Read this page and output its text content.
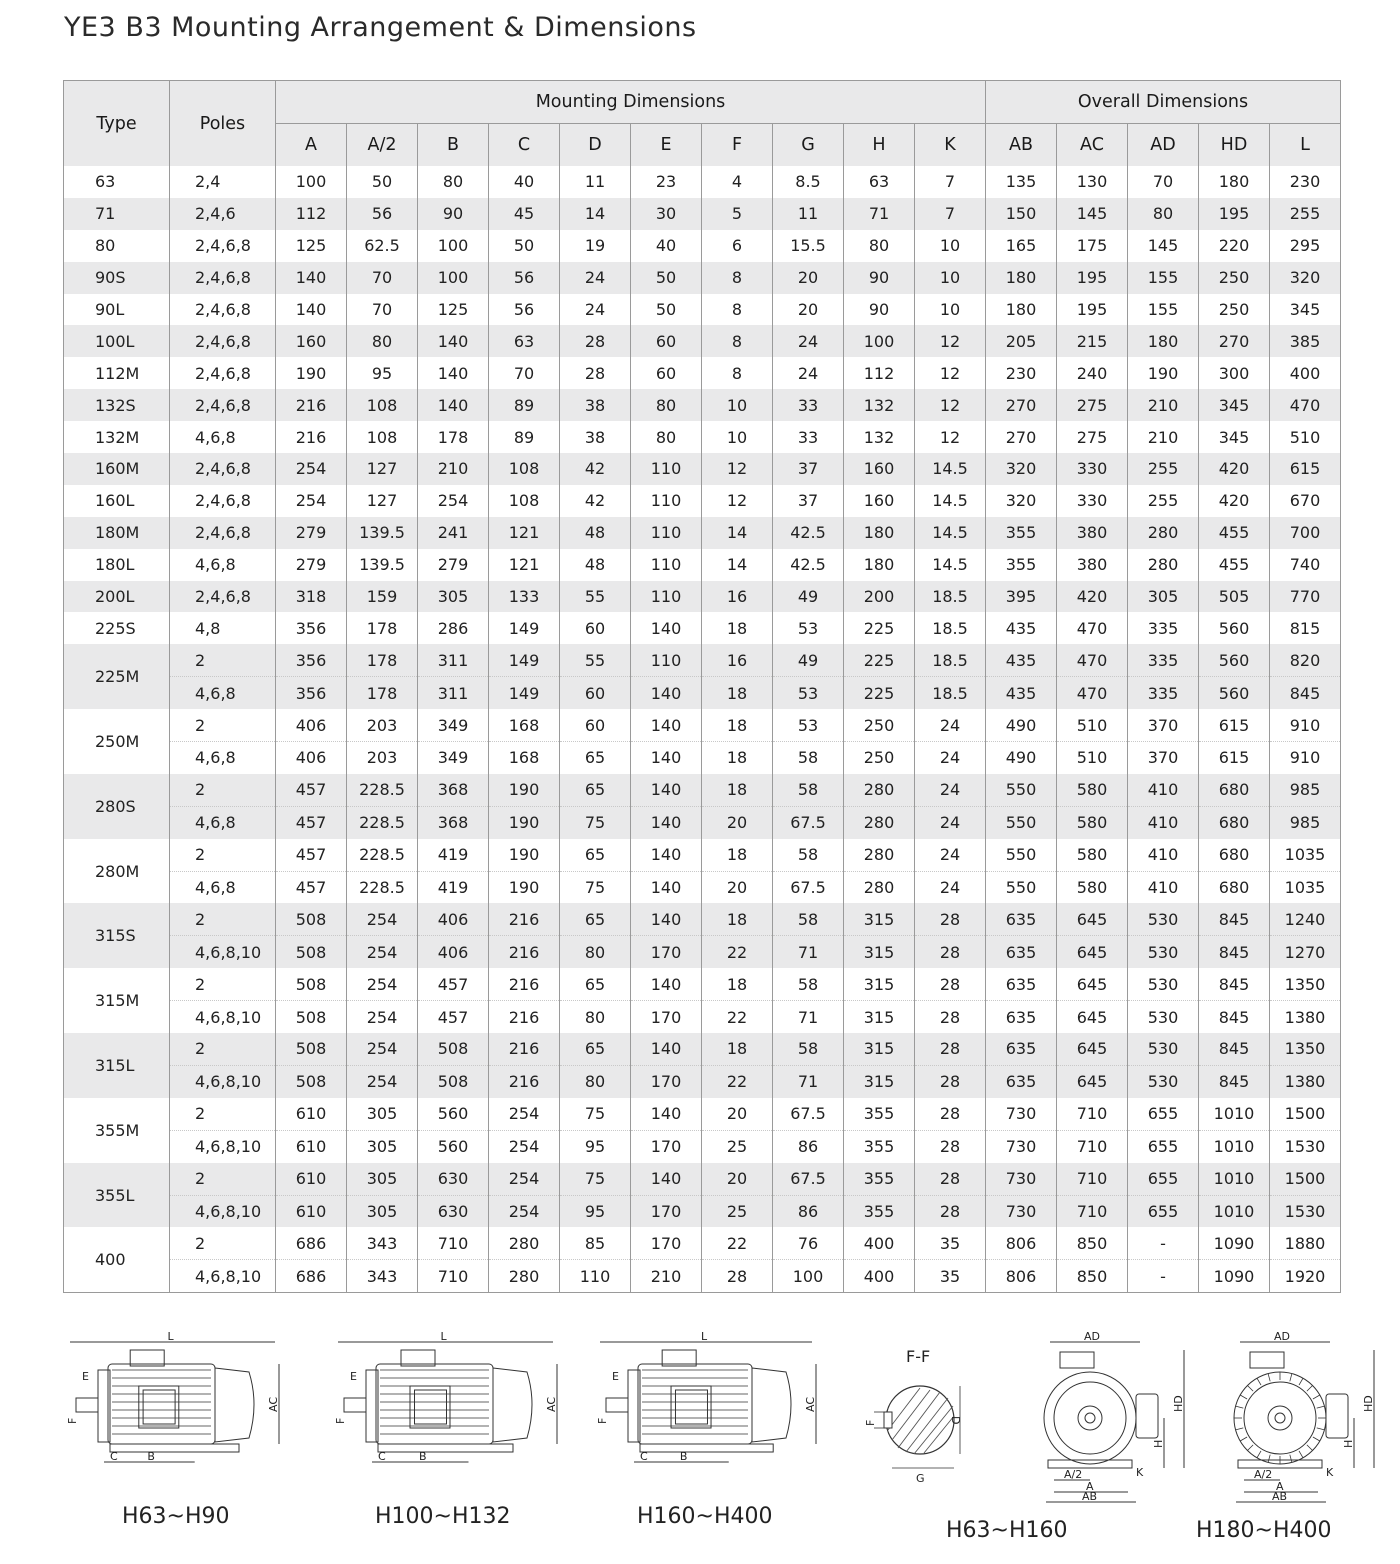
YE3 B3 Mounting Arrangement & Dimensions
Type	Poles	Mounting Dimensions										Overall Dimensions				
		A	A/2	B	C	D	E	F	G	H	K	AB	AC	AD	HD	L
63	2,4	100	50	80	40	11	23	4	8.5	63	7	135	130	70	180	230
71	2,4,6	112	56	90	45	14	30	5	11	71	7	150	145	80	195	255
80	2,4,6,8	125	62.5	100	50	19	40	6	15.5	80	10	165	175	145	220	295
90S	2,4,6,8	140	70	100	56	24	50	8	20	90	10	180	195	155	250	320
90L	2,4,6,8	140	70	125	56	24	50	8	20	90	10	180	195	155	250	345
100L	2,4,6,8	160	80	140	63	28	60	8	24	100	12	205	215	180	270	385
112M	2,4,6,8	190	95	140	70	28	60	8	24	112	12	230	240	190	300	400
132S	2,4,6,8	216	108	140	89	38	80	10	33	132	12	270	275	210	345	470
132M	4,6,8	216	108	178	89	38	80	10	33	132	12	270	275	210	345	510
160M	2,4,6,8	254	127	210	108	42	110	12	37	160	14.5	320	330	255	420	615
160L	2,4,6,8	254	127	254	108	42	110	12	37	160	14.5	320	330	255	420	670
180M	2,4,6,8	279	139.5	241	121	48	110	14	42.5	180	14.5	355	380	280	455	700
180L	4,6,8	279	139.5	279	121	48	110	14	42.5	180	14.5	355	380	280	455	740
200L	2,4,6,8	318	159	305	133	55	110	16	49	200	18.5	395	420	305	505	770
225S	4,8	356	178	286	149	60	140	18	53	225	18.5	435	470	335	560	815
225M	2	356	178	311	149	55	110	16	49	225	18.5	435	470	335	560	820
	4,6,8	356	178	311	149	60	140	18	53	225	18.5	435	470	335	560	845
250M	2	406	203	349	168	60	140	18	53	250	24	490	510	370	615	910
	4,6,8	406	203	349	168	65	140	18	58	250	24	490	510	370	615	910
280S	2	457	228.5	368	190	65	140	18	58	280	24	550	580	410	680	985
	4,6,8	457	228.5	368	190	75	140	20	67.5	280	24	550	580	410	680	985
280M	2	457	228.5	419	190	65	140	18	58	280	24	550	580	410	680	1035
	4,6,8	457	228.5	419	190	75	140	20	67.5	280	24	550	580	410	680	1035
315S	2	508	254	406	216	65	140	18	58	315	28	635	645	530	845	1240
	4,6,8,10	508	254	406	216	80	170	22	71	315	28	635	645	530	845	1270
315M	2	508	254	457	216	65	140	18	58	315	28	635	645	530	845	1350
	4,6,8,10	508	254	457	216	80	170	22	71	315	28	635	645	530	845	1380
315L	2	508	254	508	216	65	140	18	58	315	28	635	645	530	845	1350
	4,6,8,10	508	254	508	216	80	170	22	71	315	28	635	645	530	845	1380
355M	2	610	305	560	254	75	140	20	67.5	355	28	730	710	655	1010	1500
	4,6,8,10	610	305	560	254	95	170	25	86	355	28	730	710	655	1010	1530
355L	2	610	305	630	254	75	140	20	67.5	355	28	730	710	655	1010	1500
	4,6,8,10	610	305	630	254	95	170	25	86	355	28	730	710	655	1010	1530
400	2	686	343	710	280	85	170	22	76	400	35	806	850	-	1090	1880
	4,6,8,10	686	343	710	280	110	210	28	100	400	35	806	850	-	1090	1920
L
AC
E
F
C	B
L
AC
E
F
C	B
L
AC
E
F
C	B
F-F
F	D
G
AD
HD
H
A/2	K
A
AB
AD
HD
H
A/2	K
A
AB
H63~H90	H100~H132	H160~H400
H63~H160	H180~H400
